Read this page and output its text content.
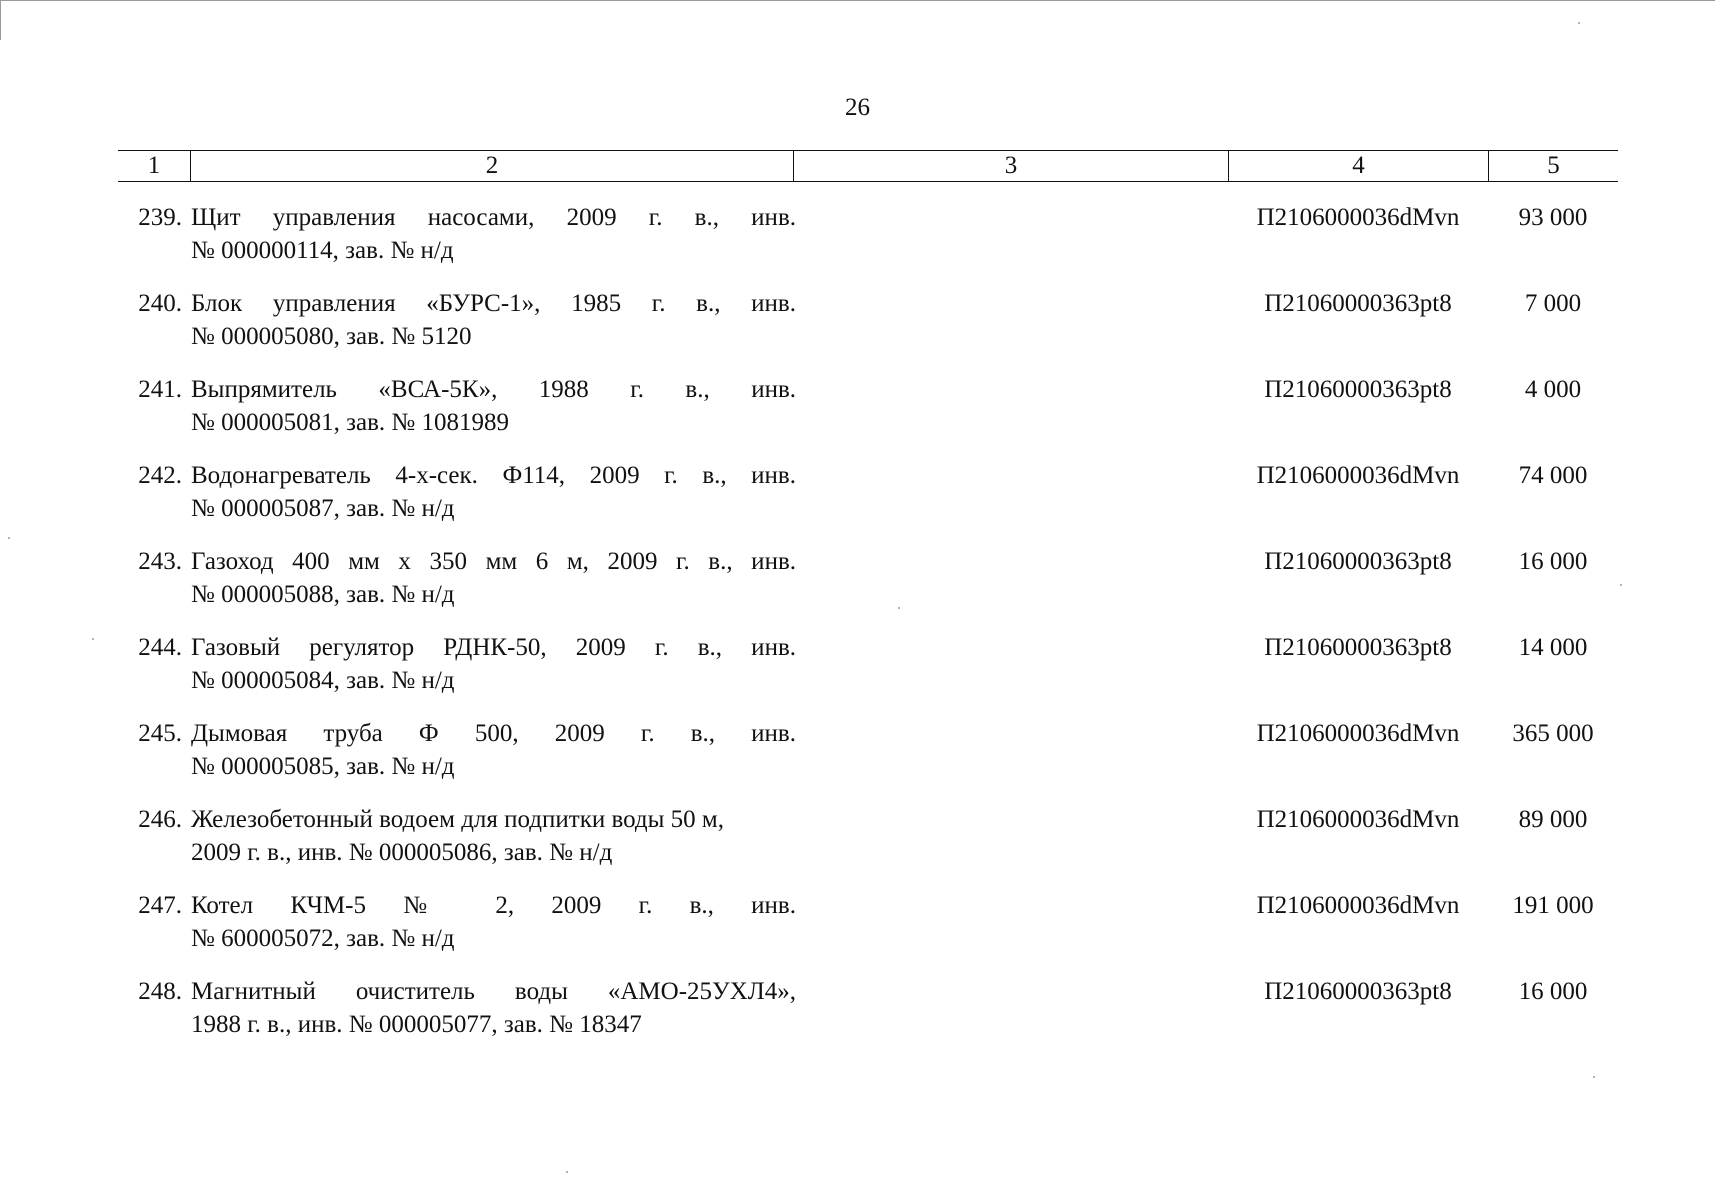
26
1	2	3	4	5
239. Щит управления насосами, 2009 г. в., инв.
№ 000000114, зав. № н/д
П2106000036dMvn	93 000
240. Блок управления «БУРС-1», 1985 г. в., инв.
№ 000005080, зав. № 5120
П21060000363pt8	7 000
241. Выпрямитель «ВСА-5К», 1988 г. в., инв.
№ 000005081, зав. № 1081989
П21060000363pt8	4 000
242. Водонагреватель 4-х-сек. Ф114, 2009 г. в., инв.
№ 000005087, зав. № н/д
П2106000036dMvn	74 000
243. Газоход 400 мм х 350 мм 6 м, 2009 г. в., инв.
№ 000005088, зав. № н/д
П21060000363pt8	16 000
244. Газовый регулятор РДНК-50, 2009 г. в., инв.
№ 000005084, зав. № н/д
П21060000363pt8	14 000
245. Дымовая труба Ф 500, 2009 г. в., инв.
№ 000005085, зав. № н/д
П2106000036dMvn	365 000
246. Железобетонный водоем для подпитки воды 50 м,
2009 г. в., инв. № 000005086, зав. № н/д
П2106000036dMvn	89 000
247. Котел КЧМ-5 № 2, 2009 г. в., инв.
№ 600005072, зав. № н/д
П2106000036dMvn	191 000
248. Магнитный очиститель воды «АМО-25УХЛ4»,
1988 г. в., инв. № 000005077, зав. № 18347
П21060000363pt8	16 000
